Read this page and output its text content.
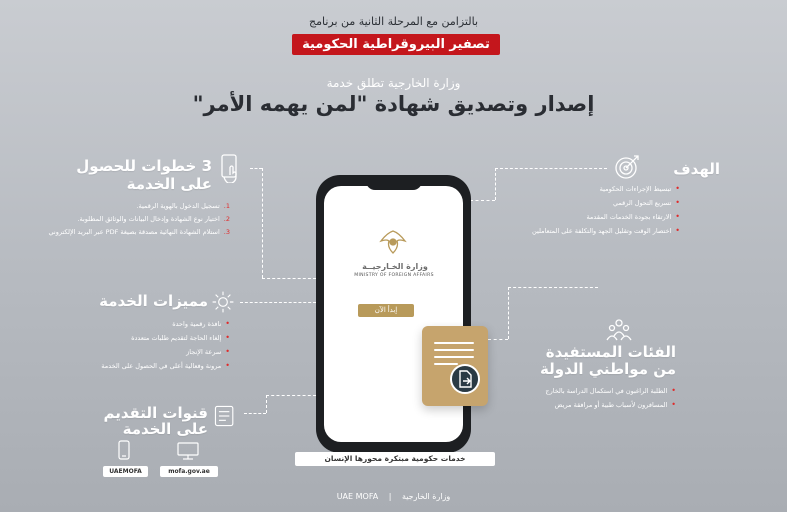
بالتزامن مع المرحلة الثانية من برنامج
تصفير البيروقراطية الحكومية
وزارة الخارجية تطلق خدمة
إصدار وتصديق شهادة "لمن يهمه الأمر"
الهدف
• تبسيط الإجراءات الحكومية
• تسريع التحول الرقمي
• الارتقاء بجودة الخدمات المقدمة
• اختصار الوقت وتقليل الجهد والتكلفة على المتعاملين
3 خطوات للحصول
على الخدمة
1.تسجيل الدخول بالهوية الرقمية.
2.اختيار نوع الشهادة وإدخال البيانات والوثائق المطلوبة.
3.استلام الشهادة النهائية مصدقة بصيغة PDF عبر البريد الإلكتروني
مميزات الخدمة
• نافذة رقمية واحدة
• إلغاء الحاجة لتقديم طلبات متعددة
• سرعة الإنجاز
• مرونة وفعالية أعلى في الحصول على الخدمة
قنوات التقديم
على الخدمة
UAEMOFA	mofa.gov.ae
الفئات المستفيدة
من مواطني الدولة
• الطلبة الراغبون في استكمال الدراسة بالخارج
• المسافرون لأسباب طبية أو مرافقة مريض
وزارة الخـارجيــة
MINISTRY OF FOREIGN AFFAIRS
إبدأ الآن
خدمات حكومية مبتكرة محورها الإنسان
UAE MOFA | وزارة الخارجية
